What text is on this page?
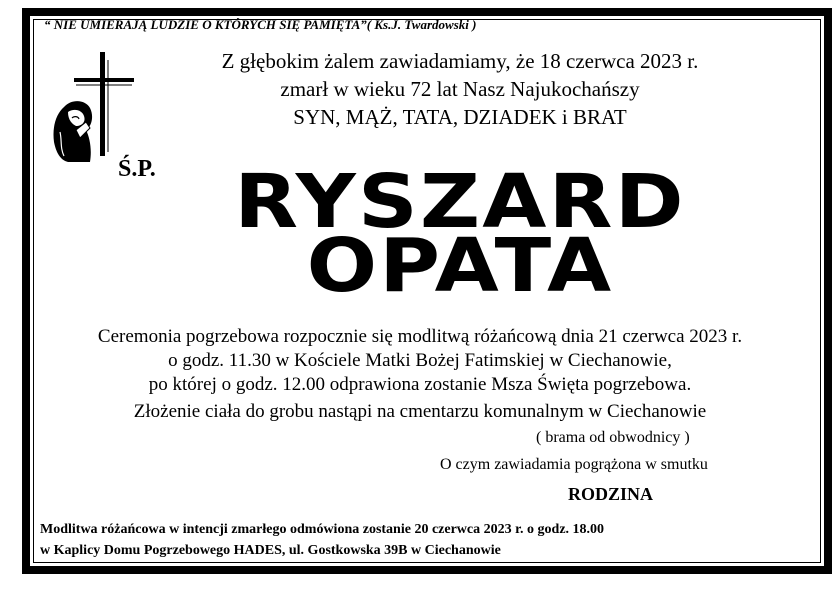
“ NIE UMIERAJĄ LUDZIE O KTÓRYCH SIĘ PAMIĘTA”( Ks.J. Twardowski )
Z głębokim żalem zawiadamiamy, że 18 czerwca 2023 r.
zmarł w wieku 72 lat Nasz Najukochańszy
SYN, MĄŻ, TATA, DZIADEK i BRAT
Ś.P.	RYSZARD
OPATA
Ceremonia pogrzebowa rozpocznie się modlitwą różańcową dnia 21 czerwca 2023 r.
o godz. 11.30 w Kościele Matki Bożej Fatimskiej w Ciechanowie,
po której o godz. 12.00 odprawiona zostanie Msza Święta pogrzebowa.
Złożenie ciała do grobu nastąpi na cmentarzu komunalnym w Ciechanowie
( brama od obwodnicy )
O czym zawiadamia pogrążona w smutku
RODZINA
Modlitwa różańcowa w intencji zmarłego odmówiona zostanie 20 czerwca 2023 r. o godz. 18.00
w Kaplicy Domu Pogrzebowego HADES, ul. Gostkowska 39B w Ciechanowie
DRUK: Z.U.P. "HADES" R.Żurawski tel. 023 672 14 88, 662 198 820
